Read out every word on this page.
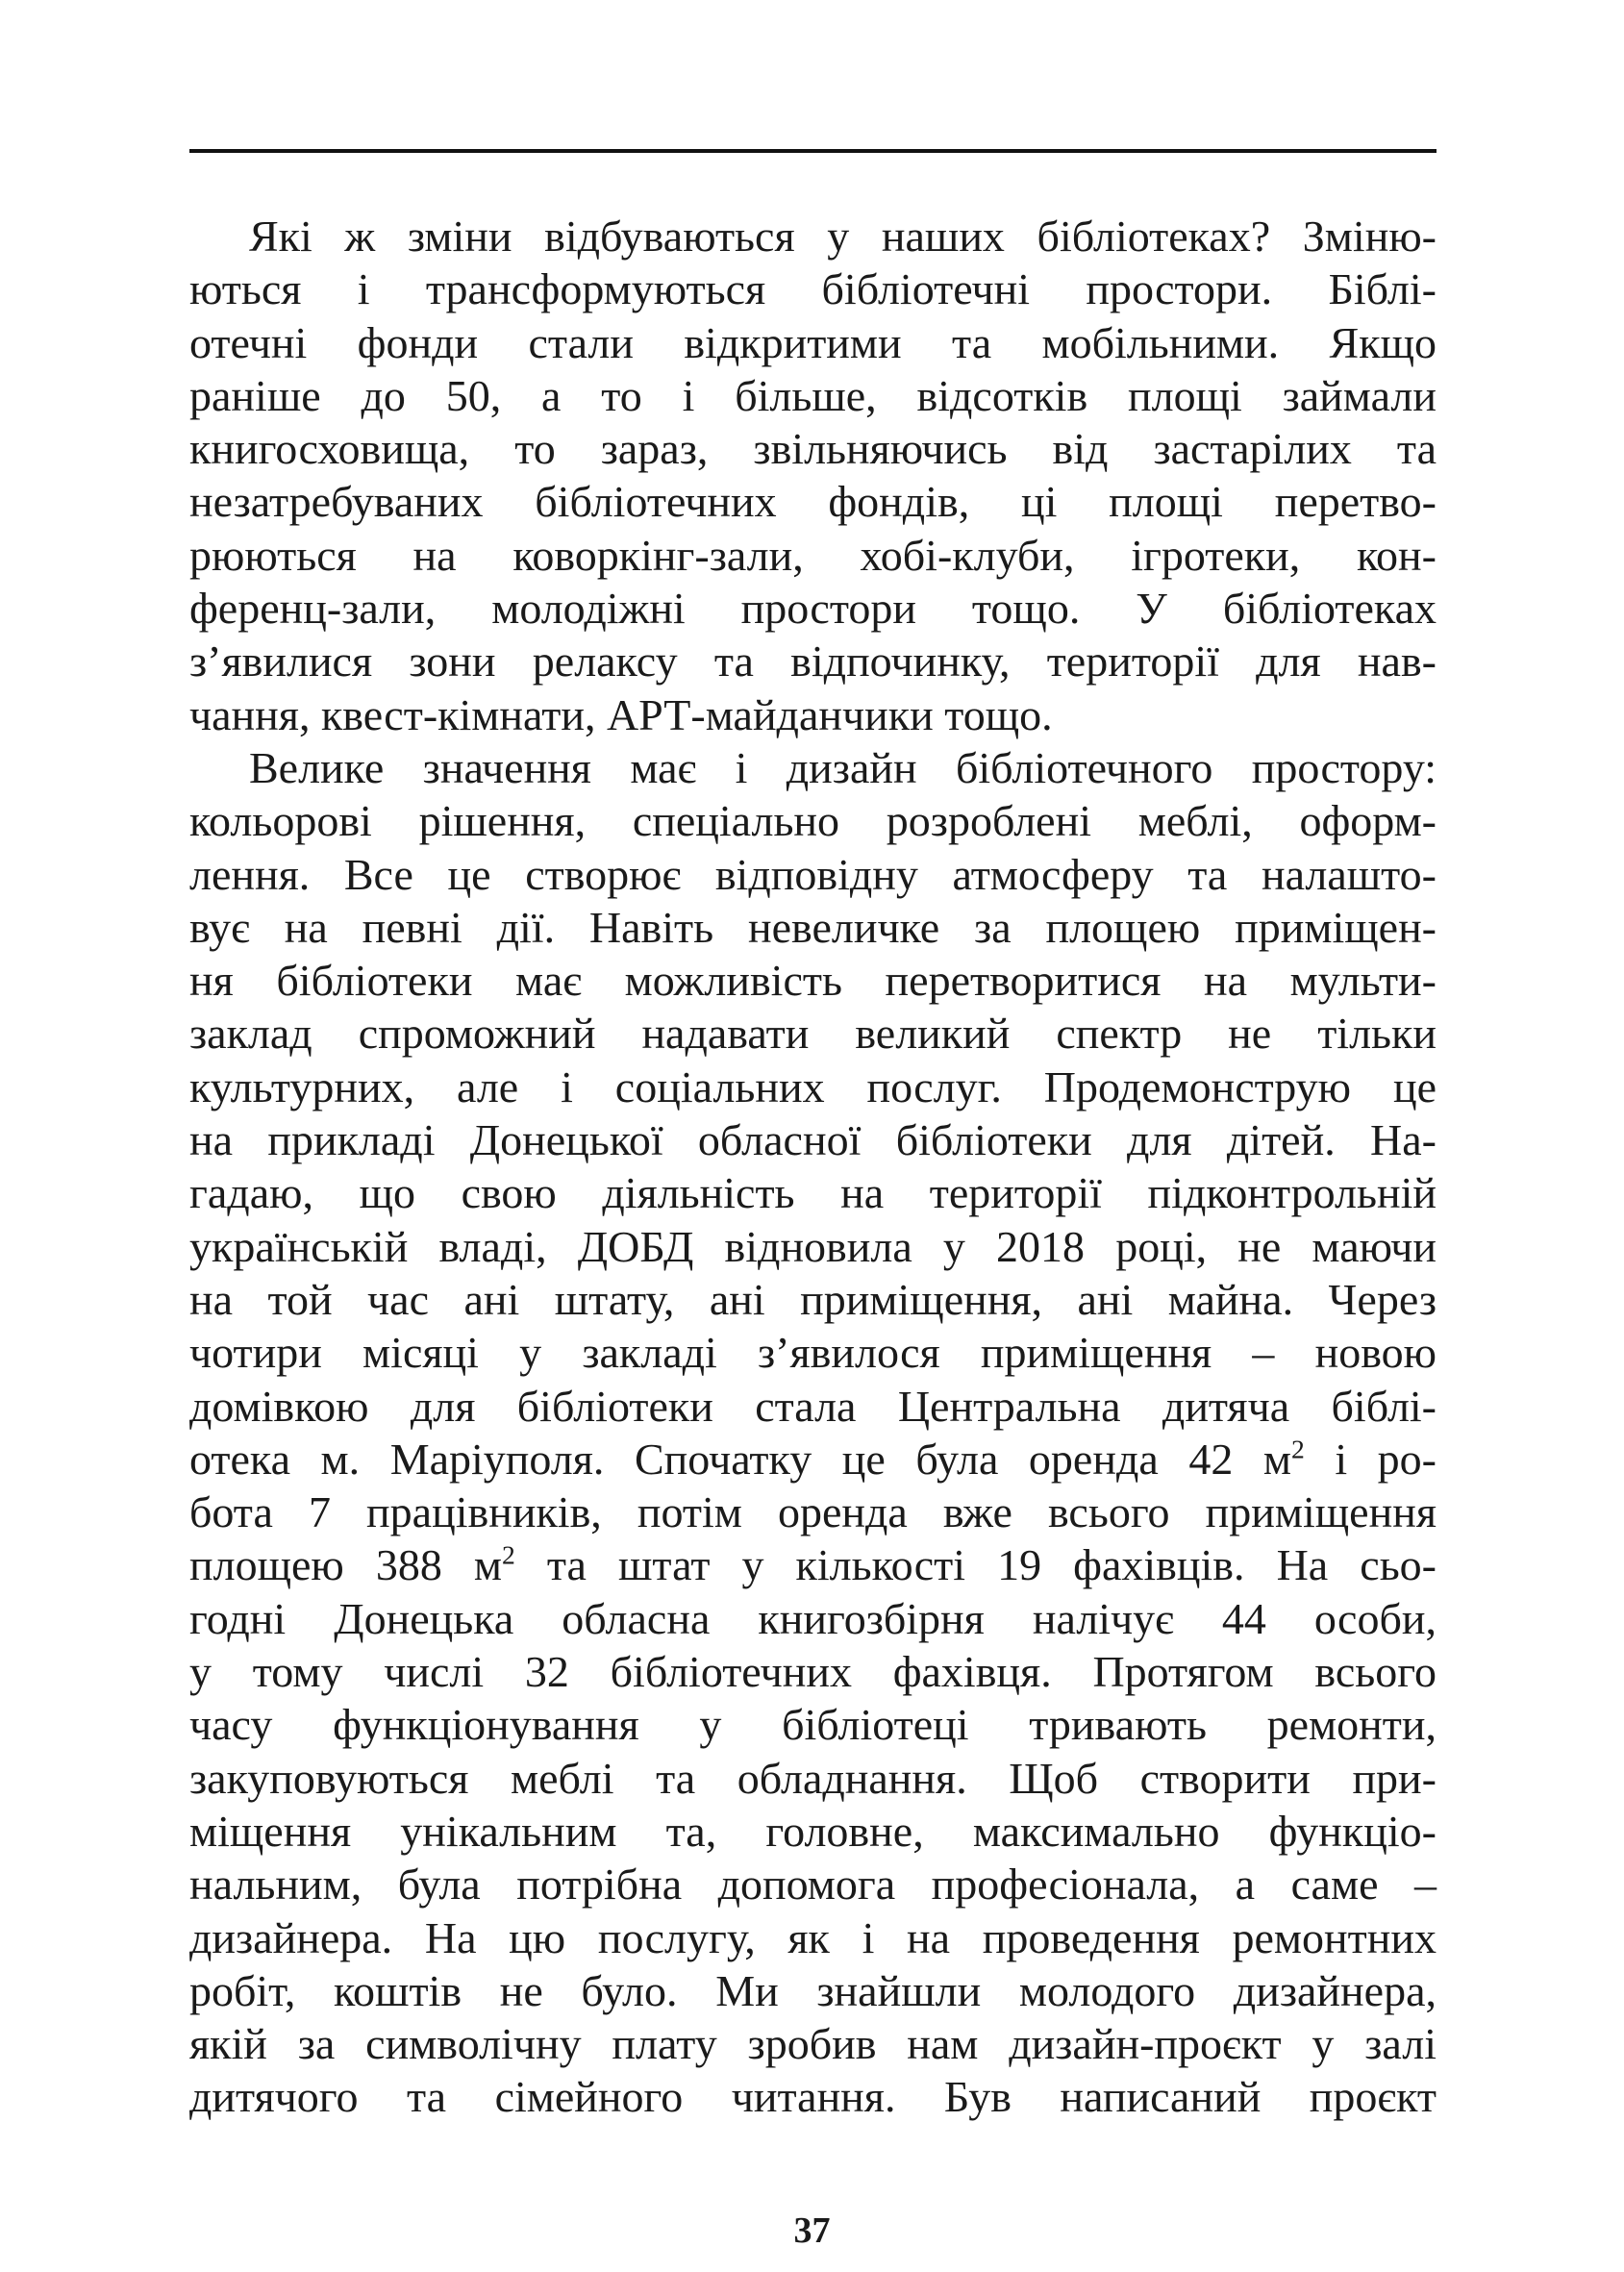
Які ж зміни відбуваються у наших бібліотеках? Зміню-
ються і трансформуються бібліотечні простори. Біблі-
отечні фонди стали відкритими та мобільними. Якщо
раніше до 50, а то і більше, відсотків площі займали
книгосховища, то зараз, звільняючись від застарілих та
незатребуваних бібліотечних фондів, ці площі перетво-
рюються на коворкінг-зали, хобі-клуби, ігротеки, кон-
ференц-зали, молодіжні простори тощо. У бібліотеках
з’явилися зони релаксу та відпочинку, території для нав-
чання, квест-кімнати, АРТ-майданчики тощо.
Велике значення має і дизайн бібліотечного простору:
кольорові рішення, спеціально розроблені меблі, оформ-
лення. Все це створює відповідну атмосферу та налашто-
вує на певні дії. Навіть невеличке за площею приміщен-
ня бібліотеки має можливість перетворитися на мульти-
заклад спроможний надавати великий спектр не тільки
культурних, але і соціальних послуг. Продемонструю це
на прикладі Донецької обласної бібліотеки для дітей. На-
гадаю, що свою діяльність на території підконтрольній
українській владі, ДОБД відновила у 2018 році, не маючи
на той час ані штату, ані приміщення, ані майна. Через
чотири місяці у закладі з’явилося приміщення – новою
домівкою для бібліотеки стала Центральна дитяча біблі-
отека м. Маріуполя. Спочатку це була оренда 42 $м^2$ і ро-
бота 7 працівників, потім оренда вже всього приміщення
площею 388 $м^2$ та штат у кількості 19 фахівців. На сьо-
годні Донецька обласна книгозбірня налічує 44 особи,
у тому числі 32 бібліотечних фахівця. Протягом всього
часу функціонування у бібліотеці тривають ремонти,
закуповуються меблі та обладнання. Щоб створити при-
міщення унікальним та, головне, максимально функціо-
нальним, була потрібна допомога професіонала, а саме –
дизайнера. На цю послугу, як і на проведення ремонтних
робіт, коштів не було. Ми знайшли молодого дизайнера,
якій за символічну плату зробив нам дизайн-проєкт у залі
дитячого та сімейного читання. Був написаний проєкт
37
